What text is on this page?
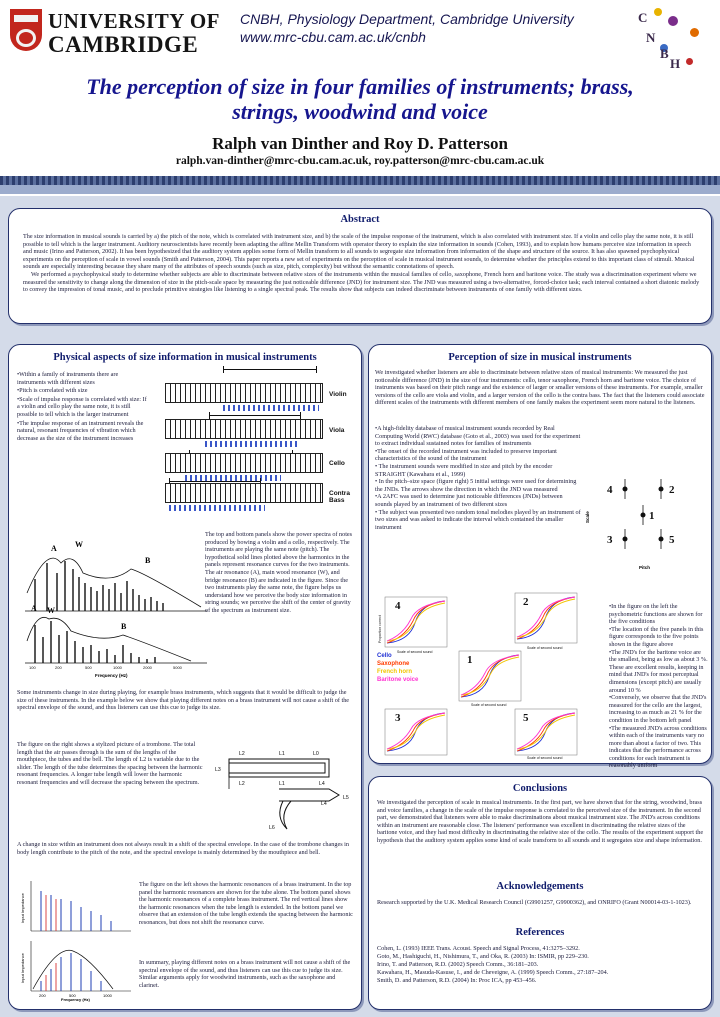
UNIVERSITY OF
CAMBRIDGE
CNBH, Physiology Department, Cambridge University
www.mrc-cbu.cam.ac.uk/cnbh
C
N
B
H
The perception of size in four families of instruments; brass,
strings, woodwind and voice
Ralph van Dinther and Roy D. Patterson
ralph.van-dinther@mrc-cbu.cam.ac.uk, roy.patterson@mrc-cbu.cam.ac.uk
Abstract

The size information in musical sounds is carried by a) the pitch of the note, which is correlated with instrument size, and b) the scale of the impulse response of the instrument, which is also correlated with instrument size. If a violin and cello play the same note, it is still possible to tell which is the larger instrument. Auditory neuroscientists have recently been adapting the affine Mellin Transform with operator theory to explain the size information in sounds (Cohen, 1993), and to explain how humans perceive size information in speech and music (Irino and Patterson, 2002). It has been hypothesized that the auditory system applies some form of Mellin transform to all sounds to segregate size information from information of the shape and structure of the source. It has also spawned psychophysical experiments on the perception of scale in vowel sounds (Smith and Patterson, 2004). This paper reports a new set of experiments on the perception of scale in musical instrument sounds, to determine whether the principles extend to this important class of stimuli. Musical sounds are especially interesting because they share many of the attributes of speech sounds (such as size, pitch, complexity) but without the semantic connotations of speech.

We performed a psychophysical study to determine whether subjects are able to discriminate between relative sizes of the instruments within the musical families of cello, saxophone, French horn and baritone voice. The study was a discrimination experiment where we measured the sensitivity to change along the dimension of size in the pitch-scale space by measuring the just noticeable difference (JND) for instrument size. The JND was measured using a two-alternative, forced-choice task; each interval contained a short diatonic melody to convey the impression of tonal music, and to preclude primitive strategies like listening to a single spectral peak. The results show that subjects can indeed discriminate between instruments of one family with different sizes.

Physical aspects of size information in musical instruments

•Within a family of instruments there are instruments with different sizes

•Pitch is correlated with size

•Scale of impulse response is correlated with size: If a violin and cello play the same note, it is still possible to tell which is the larger instrument

•The impulse response of an instrument reveals the natural, resonant frequencies of vibration which decrease as the size of the instrument increases

Violin
Viola
Cello
Contra Bass
A W
B
A W
B
100	200	500	1000	2000	5000
Frequency (Hz)
The top and bottom panels show the power spectra of notes produced by bowing a violin and a cello, respectively. The instruments are playing the same note (pitch). The hypothetical solid lines plotted above the harmonics in the panels represent resonance curves for the two instruments. The air resonance (A), main wood resonance (W), and bridge resonance (B) are indicated in the figure. Since the two instruments play the same note, the figure helps us understand how we perceive the body size information in string sounds; we perceive the shift of the center of gravity of the spectrum as instrument size.
Some instruments change in size during playing, for example brass instruments, which suggests that it would be difficult to judge the size of these instruments. In the example below we show that playing different notes on a brass instrument will not cause a shift of the spectral envelope of the sound, and thus listeners can use this cue to judge its size.
The figure on the right shows a stylized picture of a trombone. The total length that the air passes through is the sum of the lengths of the mouthpiece, the tubes and the bell. The length of L2 is variable due to the slider. The length of the tube determines the spacing between the harmonic resonant frequencies. A longer tube length will lower the harmonic resonant frequencies and will decrease the spacing between the spectrum.
L2	L1	L0
L3
L2	L1	L4
L4
L5
L6
A change in size within an instrument does not always result in a shift of the spectral envelope. In the case of the trombone changes in body length contribute to the pitch of the note, and the spectral envelope is mainly determined by the mouthpiece and bell.
Input Impedance
Input Impedance
200	500	1000
Frequency (Hz)
The figure on the left shows the harmonic resonances of a brass instrument. In the top panel the harmonic resonances are shown for the tube alone. The bottom panel shows the harmonic resonances of a complete brass instrument. The red vertical lines show the harmonic resonances when the tube length is extended. In the bottom panel we observe that an extension of the tube length extends the spacing between the harmonic resonances, but does not shift the resonance curve.
In summary, playing different notes on a brass instrument will not cause a shift of the spectral envelope of the sound, and thus listeners can use this cue to judge its size. Similar arguments apply for woodwind instruments, such as the saxophone and clarinet.
Perception of size in musical instruments
We investigated whether listeners are able to discriminate between relative sizes of musical instruments: We measured the just noticeable difference (JND) in the size of four instruments: cello, tenor saxophone, French horn and baritone voice. The choice of instruments was based on their pitch range and the existence of larger or smaller versions of these instruments. For example, smaller versions of the cello are viola and violin, and a larger version of the cello is the contra bass. The fact that the listeners could associate different scales of the instruments with different members of one family makes the experiment seem more natural to the listeners.

•A high-fidelity database of musical instrument sounds recorded by Real Computing World (RWC) database (Goto et al., 2003) was used for the experiment to extract individual sustained notes for families of instruments

•The onset of the recorded instrument was included to preserve important characteristics of the sound of the instrument

• The instrument sounds were modified in size and pitch by the encoder STRAIGHT (Kawahara et al., 1999)

• In the pitch–size space (figure right) 5 initial settings were used for determining the JNDs. The arrows show the direction in which the JND was measured

•A 2AFC was used to determine just noticeable differences (JNDs) between sounds played by an instrument of two different sizes

• The subject was presented two random tonal melodies played by an instrument of two sizes and was asked to indicate the interval which contained the smaller instrument

4	2
1
3	5
Scale
Pitch
4	2
1
3	5
Scale of second sound
Scale of second sound
Scale of second sound
Scale of second sound
Proportion correct
Cello
Saxophone
French horn
Baritone voice

•In the figure on the left the psychometric functions are shown for the five conditions

•The location of the five panels in this figure corresponds to the five points shown in the figure above

•The JND's for the baritone voice are the smallest, being as low as about 3 %. These are excellent results, keeping in mind that JND's for most perceptual dimensions (except pitch) are usually around 10 %

•Conversely, we observe that the JND's measured for the cello are the largest, increasing to as much as 21 % for the condition in the bottom left panel

•The measured JND's across conditions within each of the instruments vary no more than about a factor of two. This indicates that the performance across conditions for each instrument is reasonably uniform

Conclusions
We investigated the perception of scale in musical instruments. In the first part, we have shown that for the string, woodwind, brass and voice families, a change in the scale of the impulse response is correlated to the perceived size of the instrument. In the second part, we demonstrated that listeners were able to make discriminations about musical instrument size. The JND's across conditions within an instrument are reasonable close. The listeners' performance was excellent in discriminating the relative sizes of the baritone voice, and they had most difficulty in discriminating the relative size of the cello. The results of the experiment support the hypothesis that the auditory system applies some kind of scale transform to all sounds and it segregates size and shape information.
Acknowledgements
Research supported by the U.K. Medical Research Council (G9901257, G9900362), and ONRIFO (Grant N00014-03-1-1023).
References

Cohen, L. (1993) IEEE Trans. Acoust. Speech and Signal Process, 41:3275–3292.

Goto, M., Hashiguchi, H., Nishimura, T., and Oka, R. (2003) In: ISMIR, pp 229–230.

Irino, T. and Patterson, R.D. (2002) Speech Comm., 36:181–203.

Kawahara, H., Masuda-Kasuse, I., and de Cheveigne, A. (1999) Speech Comm., 27:187–204.

Smith, D. and Patterson, R.D. (2004) In: Proc ICA, pp 453–456.
